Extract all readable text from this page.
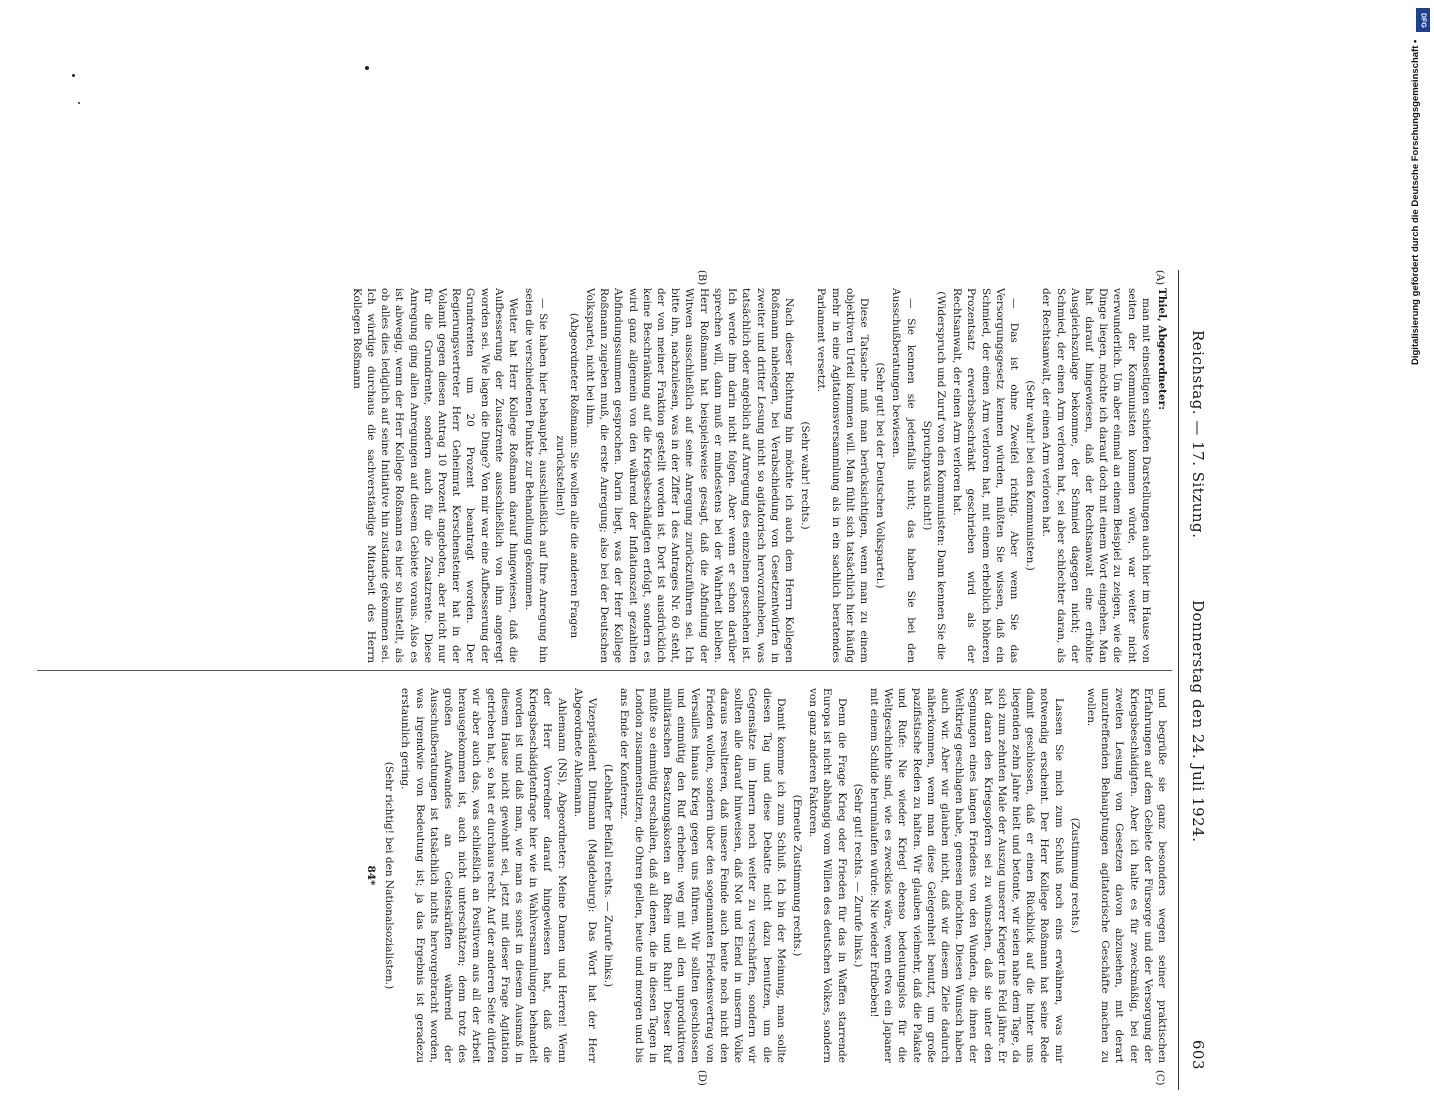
Reichstag. — 17. Sitzung.
Donnerstag den 24. Juli 1924.
603
(A)
(B)
(C)
(D)

Thiel, Abgeordneter:

man mit einseitigen schiefen Darstellungen auch hier im Hause von seiten der Kommunisten kommen würde, war weiter nicht verwunderlich. Um aber einmal an einem Beispiel zu zeigen, wie die Dinge liegen, möchte ich darauf doch mit einem Wort eingehen. Man hat darauf hingewiesen, daß der Rechtsanwalt eine erhöhte Ausgleichszulage bekomme, der Schmied dagegen nicht; der Schmied, der einen Arm verloren hat, sei aber schlechter daran, als der Rechtsanwalt, der einen Arm verloren hat.

(Sehr wahr! bei den Kommunisten.)

— Das ist ohne Zweifel richtig. Aber wenn Sie das Versorgungsgesetz kennen würden, müßten Sie wissen, daß ein Schmied, der einen Arm verloren hat, mit einem erheblich höheren Prozentsatz erwerbsbeschränkt geschrieben wird als der Rechtsanwalt, der einen Arm verloren hat.

(Widerspruch und Zuruf von den Kommunisten: Dann kennen Sie die Spruchpraxis nicht!)

— Sie kennen sie jedenfalls nicht; das haben Sie bei den Ausschußberatungen bewiesen.

(Sehr gut! bei der Deutschen Volkspartei.)

Diese Tatsache muß man berücksichtigen, wenn man zu einem objektiven Urteil kommen will. Man fühlt sich tatsächlich hier häufig mehr in eine Agitationsversammlung als in ein sachlich beratendes Parlament versetzt.

(Sehr wahr! rechts.)

Nach dieser Richtung hin möchte ich auch dem Herrn Kollegen Roßmann nahelegen, bei Verabschiedung von Gesetzentwürfen in zweiter und dritter Lesung nicht so agitatorisch hervorzuheben, was tatsächlich oder angeblich auf Anregung des einzelnen geschehen ist. Ich werde ihm darin nicht folgen. Aber wenn er schon darüber sprechen will, dann muß er mindestens bei der Wahrheit bleiben. Herr Roßmann hat beispielsweise gesagt, daß die Abfindung der Witwen ausschließlich auf seine Anregung zurückzuführen sei. Ich bitte ihn, nachzulesen, was in der Ziffer 1 des Antrages Nr. 60 steht, der von meiner Fraktion gestellt worden ist. Dort ist ausdrücklich keine Beschränkung auf die Kriegsbeschädigten erfolgt, sondern es wird ganz allgemein von den während der Inflationszeit gezahlten Abfindungssummen gesprochen. Darin liegt, was der Herr Kollege Roßmann zugeben muß, die erste Anregung; also bei der Deutschen Volkspartei, nicht bei ihm.

(Abgeordneter Roßmann: Sie wollen alle die anderen Fragen zurückstellen!)

— Sie haben hier behauptet, ausschließlich auf Ihre Anregung hin seien die verschiedenen Punkte zur Behandlung gekommen.

Weiter hat Herr Kollege Roßmann darauf hingewiesen, daß die Aufbesserung der Zusatzrente ausschließlich von ihm angeregt worden sei. Wie lagen die Dinge? Von mir war eine Aufbesserung der Grundrenten um 20 Prozent beantragt worden. Der Regierungsvertreter Herr Geheimrat Kerschensteiner hat in der Volamit gegen diesen Antrag 10 Prozent angeboten, aber nicht nur für die Grundrente, sondern auch für die Zusatzrente. Diese Anregung ging allen Anregungen auf diesem Gebiete voraus. Also es ist abwegig, wenn der Herr Kollege Roßmann es hier so hinstellt, als ob alles dies lediglich auf seine Initiative hin zustande gekommen sei. Ich würdige durchaus die sachverständige Mitarbeit des Herrn Kollegen Roßmann

und begrüße sie ganz besonders wegen seiner praktischen Erfahrungen auf dem Gebiete der Fürsorge und der Versorgung der Kriegsbeschädigten. Aber ich halte es für zweckmäßig, bei der zweiten Lesung von Gesetzen davon abzusehen, mit derart unzutreffenden Behauptungen agitatorische Geschäfte machen zu wollen.

(Zustimmung rechts.)

Lassen Sie mich zum Schluß noch eins erwähnen, was mir notwendig erscheint. Der Herr Kollege Roßmann hat seine Rede damit geschlossen, daß er einen Rückblick auf die hinter uns liegenden zehn Jahre hielt und betonte, wir seien nahe dem Tage, da sich zum zehnten Male der Auszug unserer Krieger ins Feld jähre. Er hat daran den Kriegsopfern sei zu wünschen, daß sie unter den Segnungen eines langen Friedens von den Wunden, die ihnen der Weltkrieg geschlagen habe, genesen möchten. Diesen Wunsch haben auch wir. Aber wir glauben nicht, daß wir diesem Ziele dadurch näherkommen, wenn man diese Gelegenheit benutzt, um große pazifistische Reden zu halten. Wir glauben vielmehr, daß die Plakate und Rufe: Nie wieder Krieg! ebenso bedeutungslos für die Weltgeschichte sind, wie es zwecklos wäre, wenn etwa ein Japaner mit einem Schilde herumlaufen würde: Nie wieder Erdbeben!

(Sehr gut! rechts. — Zurufe links.)

Denn die Frage Krieg oder Frieden für das in Waffen starrende Europa ist nicht abhängig vom Willen des deutschen Volkes, sondern von ganz anderen Faktoren.

(Erneute Zustimmung rechts.)

Damit komme ich zum Schluß. Ich bin der Meinung, man sollte diesen Tag und diese Debatte nicht dazu benutzen, um die Gegensätze im Innern noch weiter zu verschärfen, sondern wir sollten alle darauf hinweisen, daß Not und Elend in unserm Volke daraus resultieren, daß unsere Feinde auch heute noch nicht den Frieden wollen, sondern über den sogenannten Friedensvertrag von Versailles hinaus Krieg gegen uns führen. Wir sollten geschlossen und einmütig den Ruf erheben: weg mit all den unproduktiven militärischen Besatzungskosten an Rhein und Ruhr! Dieser Ruf müßte so einmütig erschallen, daß all denen, die in diesen Tagen in London zusammensitzen, die Ohren gellen, heute und morgen und bis ans Ende der Konferenz.

(Lebhafter Beifall rechts. — Zurufe links.)

Vizepräsident Dittmann (Magdeburg): Das Wort hat der Herr Abgeordnete Ahlemann.

Ahlemann (NS), Abgeordneter: Meine Damen und Herren! Wenn der Herr Vorredner darauf hingewiesen hat, daß die Kriegsbeschädigtenfrage hier wie in Wahlversammlungen behandelt worden ist und daß man, wie man es sonst in diesem Ausmaß in diesem Hause nicht gewohnt sei, jetzt mit dieser Frage Agitation getrieben hat, so hat er durchaus recht. Auf der anderen Seite dürfen wir aber auch das, was schließlich an Positivem aus all der Arbeit herausgekommen ist, auch nicht unterschätzen; denn trotz des großen Aufwandes an Geisteskräften während der Ausschußberatungen ist tatsächlich nichts hervorgebracht worden, was irgendwie von Bedeutung ist; ja das Ergebnis ist geradezu erstaunlich gering.

(Sehr richtig! bei den Nationalsozialisten.)

84*

DFG
Digitalisierung gefördert durch die Deutsche Forschungsgemeinschaft •
